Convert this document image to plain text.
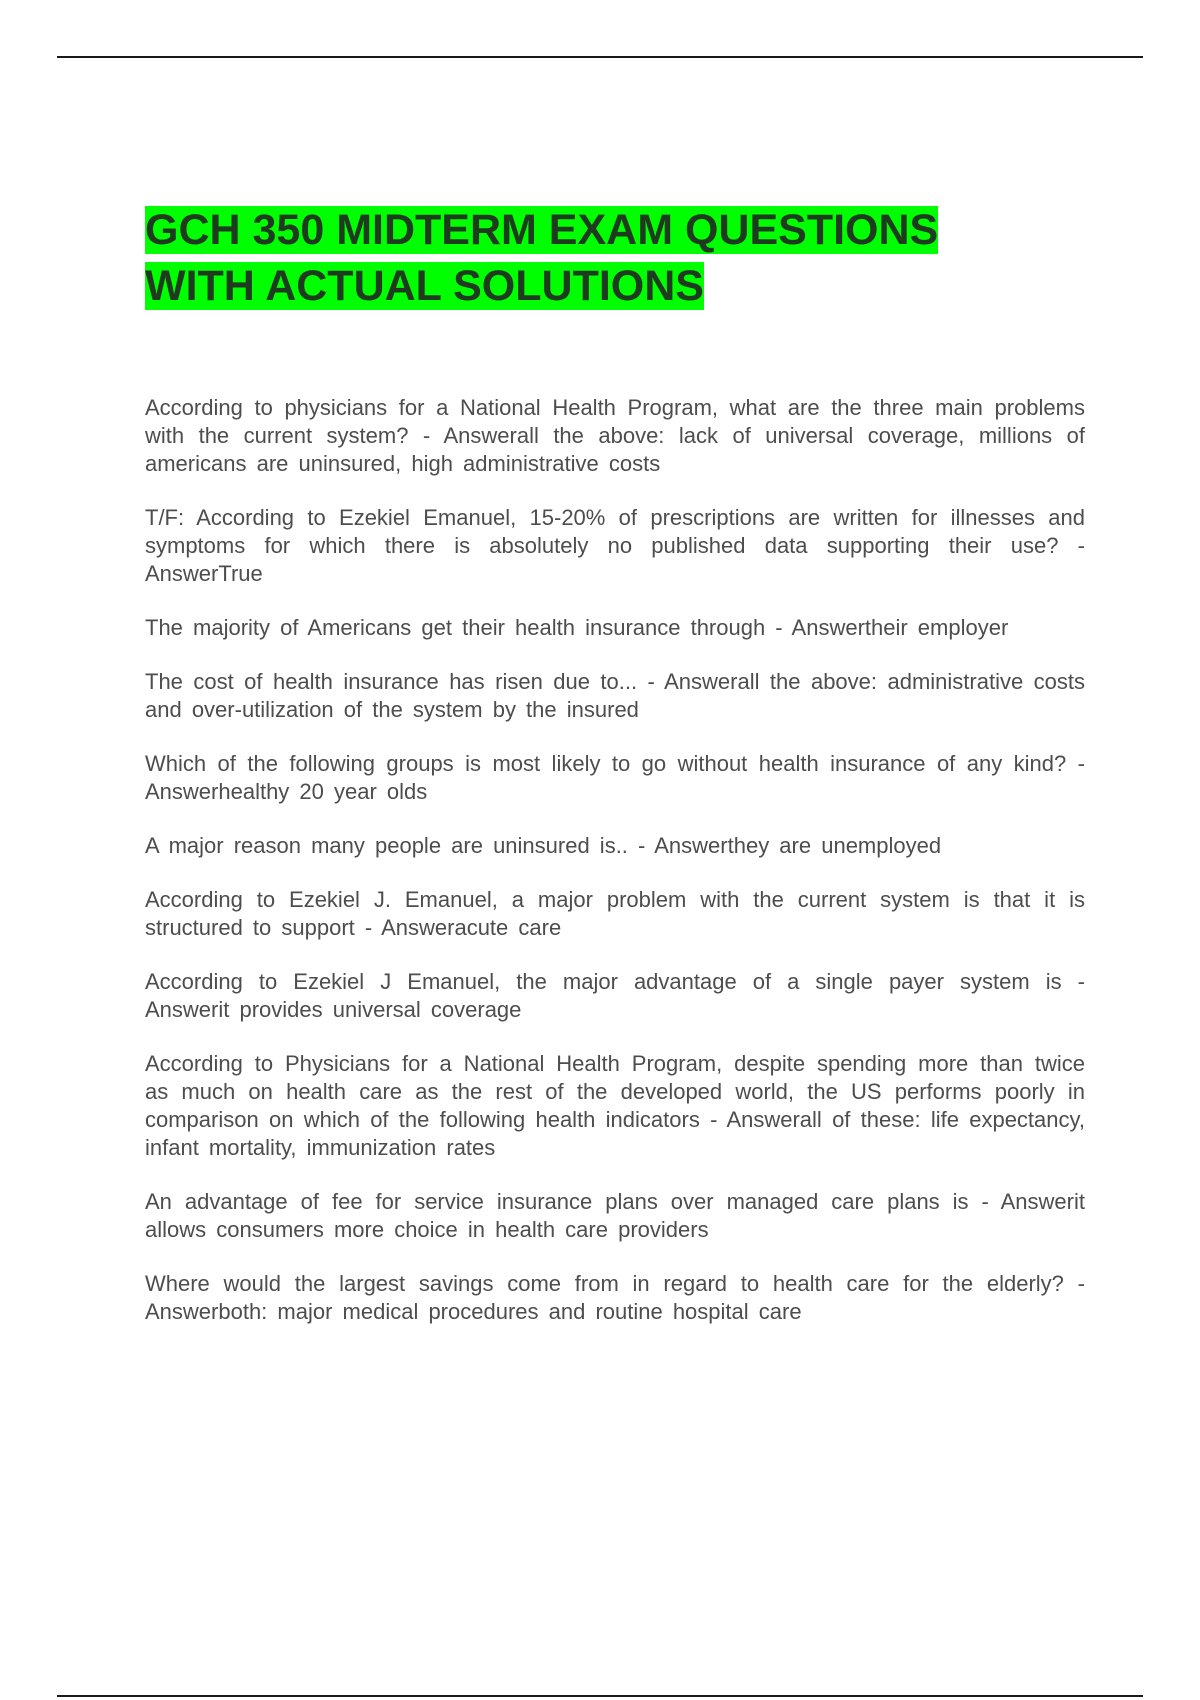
GCH 350 MIDTERM EXAM QUESTIONS
WITH ACTUAL SOLUTIONS

According to physicians for a National Health Program, what are the three main problems with the current system? - Answerall the above: lack of universal coverage, millions of americans are uninsured, high administrative costs

T/F: According to Ezekiel Emanuel, 15-20% of prescriptions are written for illnesses and symptoms for which there is absolutely no published data supporting their use? - AnswerTrue

The majority of Americans get their health insurance through - Answertheir employer

The cost of health insurance has risen due to... - Answerall the above: administrative costs and over-utilization of the system by the insured

Which of the following groups is most likely to go without health insurance of any kind? - Answerhealthy 20 year olds

A major reason many people are uninsured is.. - Answerthey are unemployed

According to Ezekiel J. Emanuel, a major problem with the current system is that it is structured to support - Answeracute care

According to Ezekiel J Emanuel, the major advantage of a single payer system is - Answerit provides universal coverage

According to Physicians for a National Health Program, despite spending more than twice as much on health care as the rest of the developed world, the US performs poorly in comparison on which of the following health indicators - Answerall of these: life expectancy, infant mortality, immunization rates

An advantage of fee for service insurance plans over managed care plans is - Answerit allows consumers more choice in health care providers

Where would the largest savings come from in regard to health care for the elderly? - Answerboth: major medical procedures and routine hospital care
